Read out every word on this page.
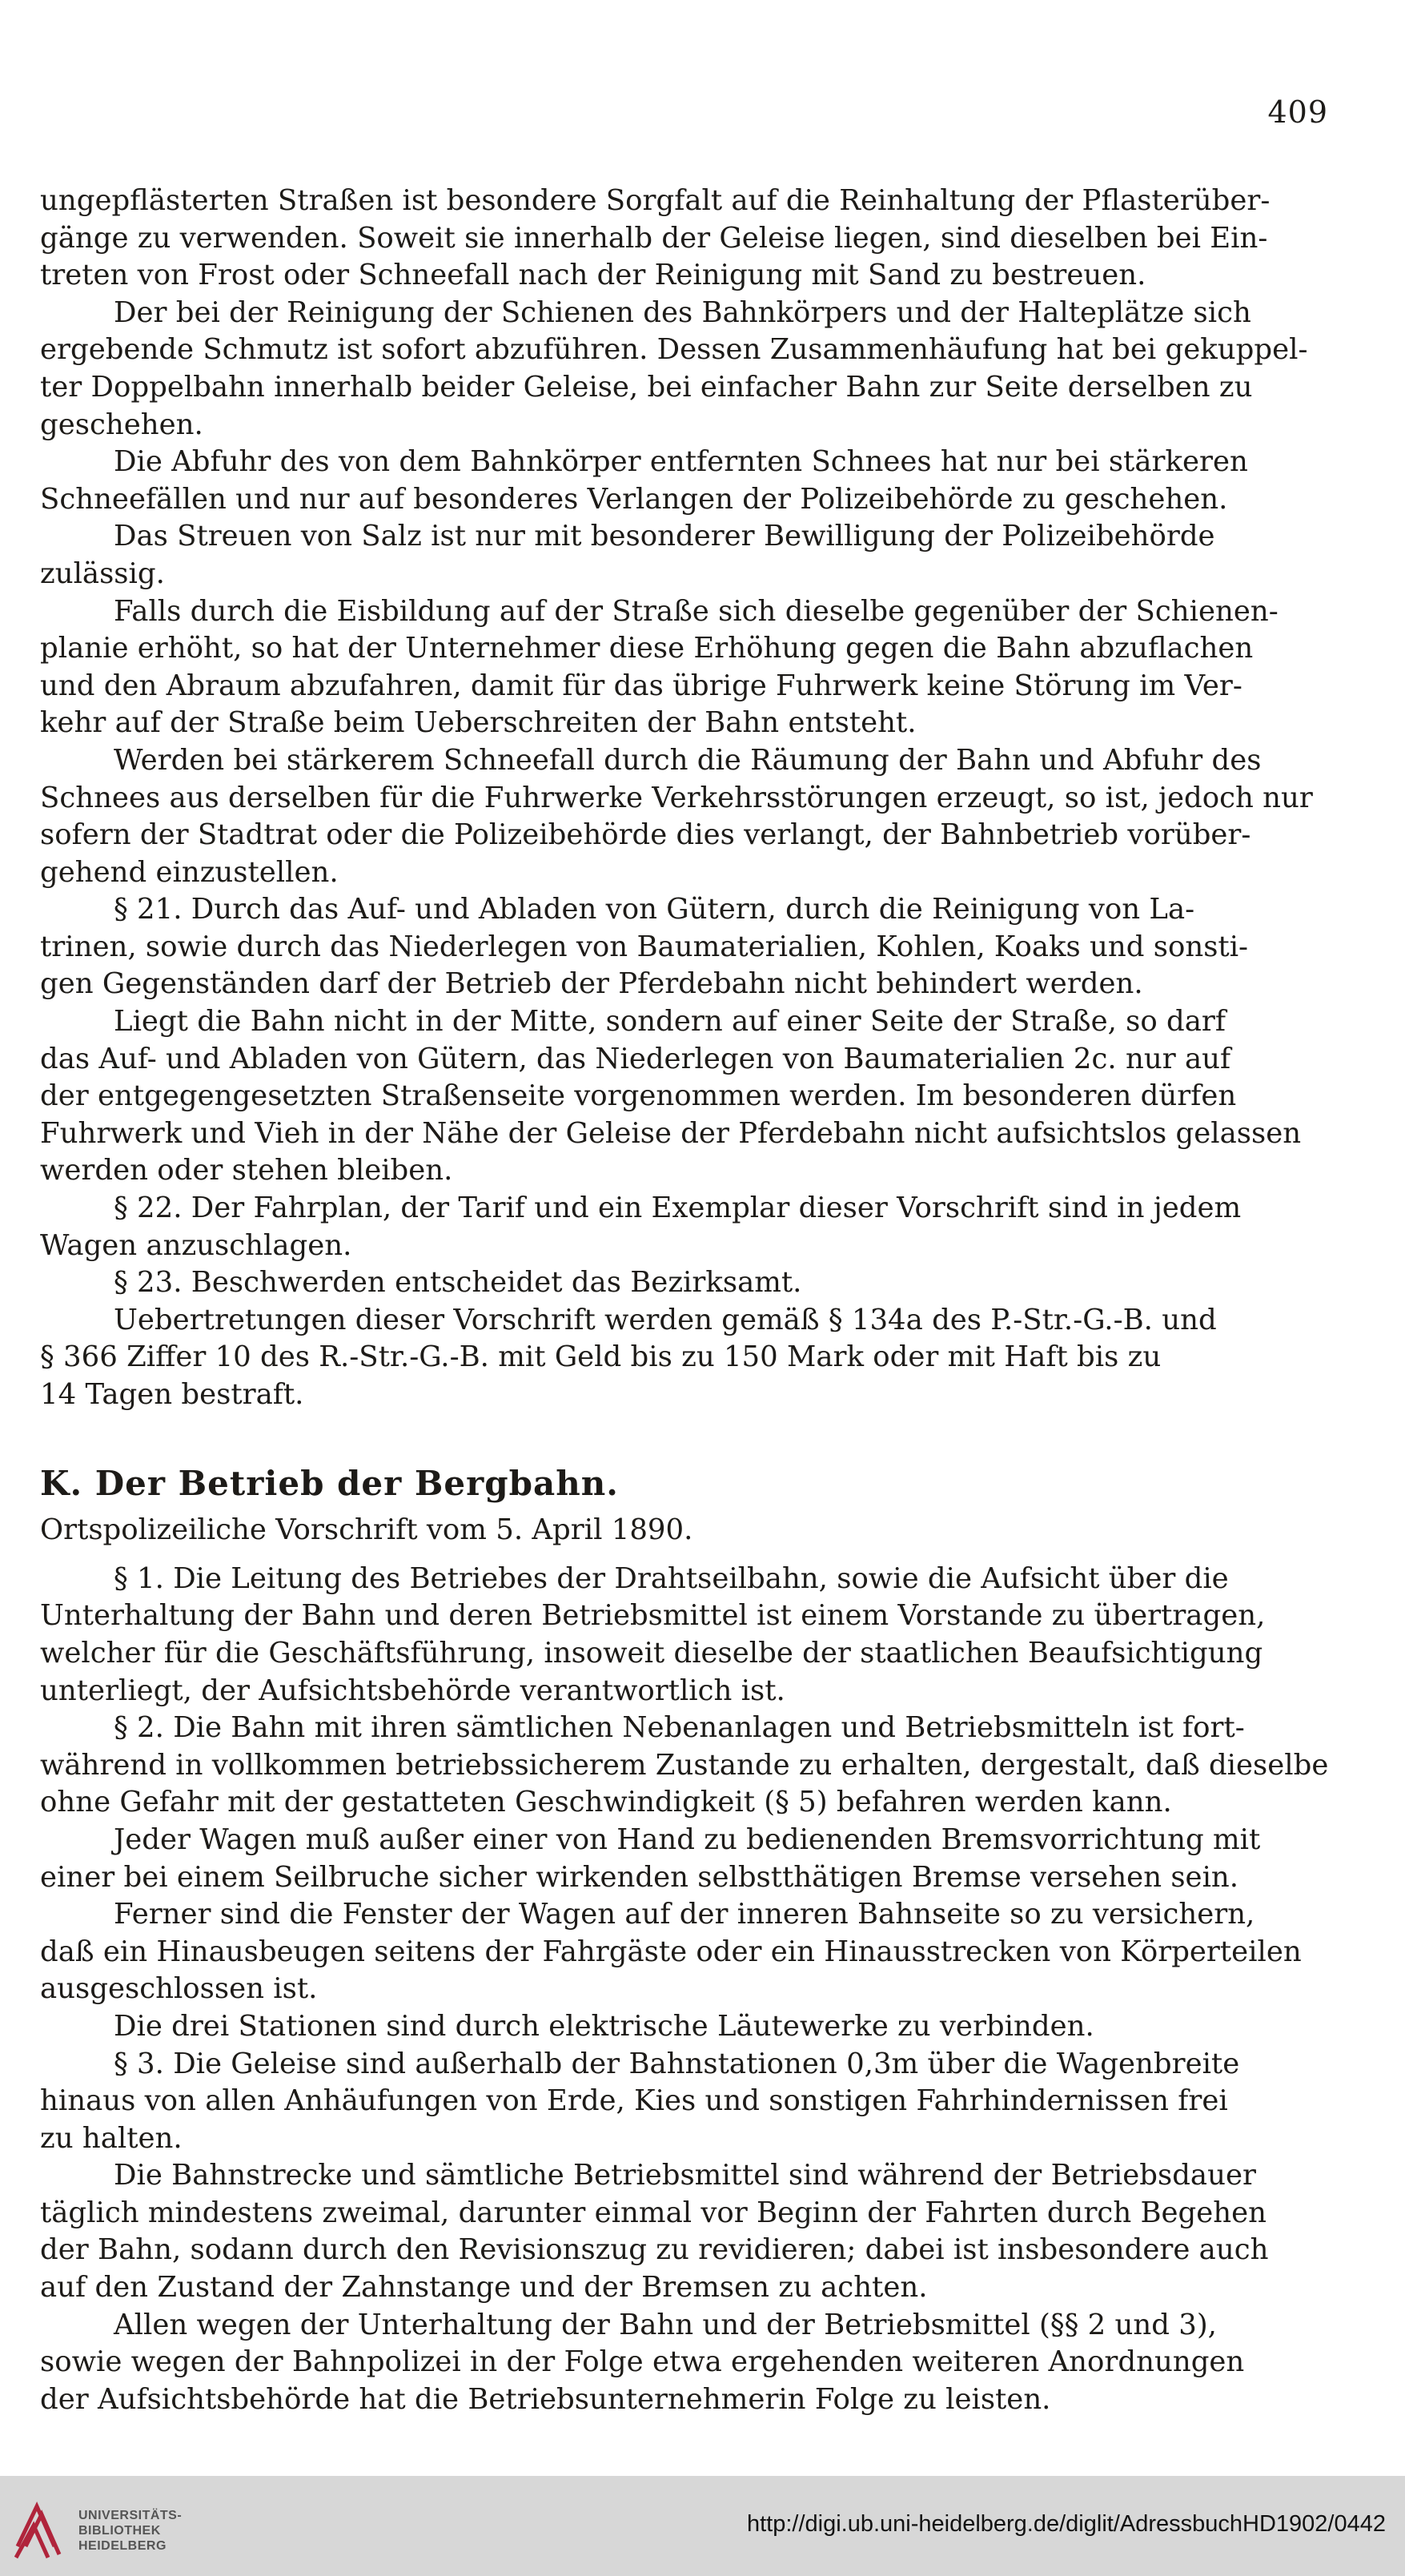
409
ungepflästerten Straßen ist besondere Sorgfalt auf die Reinhaltung der Pflasterüber-
gänge zu verwenden. Soweit sie innerhalb der Geleise liegen, sind dieselben bei Ein-
treten von Frost oder Schneefall nach der Reinigung mit Sand zu bestreuen.
Der bei der Reinigung der Schienen des Bahnkörpers und der Halteplätze sich
ergebende Schmutz ist sofort abzuführen. Dessen Zusammenhäufung hat bei gekuppel-
ter Doppelbahn innerhalb beider Geleise, bei einfacher Bahn zur Seite derselben zu
geschehen.
Die Abfuhr des von dem Bahnkörper entfernten Schnees hat nur bei stärkeren
Schneefällen und nur auf besonderes Verlangen der Polizeibehörde zu geschehen.
Das Streuen von Salz ist nur mit besonderer Bewilligung der Polizeibehörde
zulässig.
Falls durch die Eisbildung auf der Straße sich dieselbe gegenüber der Schienen-
planie erhöht, so hat der Unternehmer diese Erhöhung gegen die Bahn abzuflachen
und den Abraum abzufahren, damit für das übrige Fuhrwerk keine Störung im Ver-
kehr auf der Straße beim Ueberschreiten der Bahn entsteht.
Werden bei stärkerem Schneefall durch die Räumung der Bahn und Abfuhr des
Schnees aus derselben für die Fuhrwerke Verkehrsstörungen erzeugt, so ist, jedoch nur
sofern der Stadtrat oder die Polizeibehörde dies verlangt, der Bahnbetrieb vorüber-
gehend einzustellen.
§ 21. Durch das Auf- und Abladen von Gütern, durch die Reinigung von La-
trinen, sowie durch das Niederlegen von Baumaterialien, Kohlen, Koaks und sonsti-
gen Gegenständen darf der Betrieb der Pferdebahn nicht behindert werden.
Liegt die Bahn nicht in der Mitte, sondern auf einer Seite der Straße, so darf
das Auf- und Abladen von Gütern, das Niederlegen von Baumaterialien 2c. nur auf
der entgegengesetzten Straßenseite vorgenommen werden. Im besonderen dürfen
Fuhrwerk und Vieh in der Nähe der Geleise der Pferdebahn nicht aufsichtslos gelassen
werden oder stehen bleiben.
§ 22. Der Fahrplan, der Tarif und ein Exemplar dieser Vorschrift sind in jedem
Wagen anzuschlagen.
§ 23. Beschwerden entscheidet das Bezirksamt.
Uebertretungen dieser Vorschrift werden gemäß § 134a des P.-Str.-G.-B. und
§ 366 Ziffer 10 des R.-Str.-G.-B. mit Geld bis zu 150 Mark oder mit Haft bis zu
14 Tagen bestraft.
K. Der Betrieb der Bergbahn.
Ortspolizeiliche Vorschrift vom 5. April 1890.
§ 1. Die Leitung des Betriebes der Drahtseilbahn, sowie die Aufsicht über die
Unterhaltung der Bahn und deren Betriebsmittel ist einem Vorstande zu übertragen,
welcher für die Geschäftsführung, insoweit dieselbe der staatlichen Beaufsichtigung
unterliegt, der Aufsichtsbehörde verantwortlich ist.
§ 2. Die Bahn mit ihren sämtlichen Nebenanlagen und Betriebsmitteln ist fort-
während in vollkommen betriebssicherem Zustande zu erhalten, dergestalt, daß dieselbe
ohne Gefahr mit der gestatteten Geschwindigkeit (§ 5) befahren werden kann.
Jeder Wagen muß außer einer von Hand zu bedienenden Bremsvorrichtung mit
einer bei einem Seilbruche sicher wirkenden selbstthätigen Bremse versehen sein.
Ferner sind die Fenster der Wagen auf der inneren Bahnseite so zu versichern,
daß ein Hinausbeugen seitens der Fahrgäste oder ein Hinausstrecken von Körperteilen
ausgeschlossen ist.
Die drei Stationen sind durch elektrische Läutewerke zu verbinden.
§ 3. Die Geleise sind außerhalb der Bahnstationen 0,3m über die Wagenbreite
hinaus von allen Anhäufungen von Erde, Kies und sonstigen Fahrhindernissen frei
zu halten.
Die Bahnstrecke und sämtliche Betriebsmittel sind während der Betriebsdauer
täglich mindestens zweimal, darunter einmal vor Beginn der Fahrten durch Begehen
der Bahn, sodann durch den Revisionszug zu revidieren; dabei ist insbesondere auch
auf den Zustand der Zahnstange und der Bremsen zu achten.
Allen wegen der Unterhaltung der Bahn und der Betriebsmittel (§§ 2 und 3),
sowie wegen der Bahnpolizei in der Folge etwa ergehenden weiteren Anordnungen
der Aufsichtsbehörde hat die Betriebsunternehmerin Folge zu leisten.
UNIVERSITÄTS-
BIBLIOTHEK
HEIDELBERG
http://digi.ub.uni-heidelberg.de/diglit/AdressbuchHD1902/0442
